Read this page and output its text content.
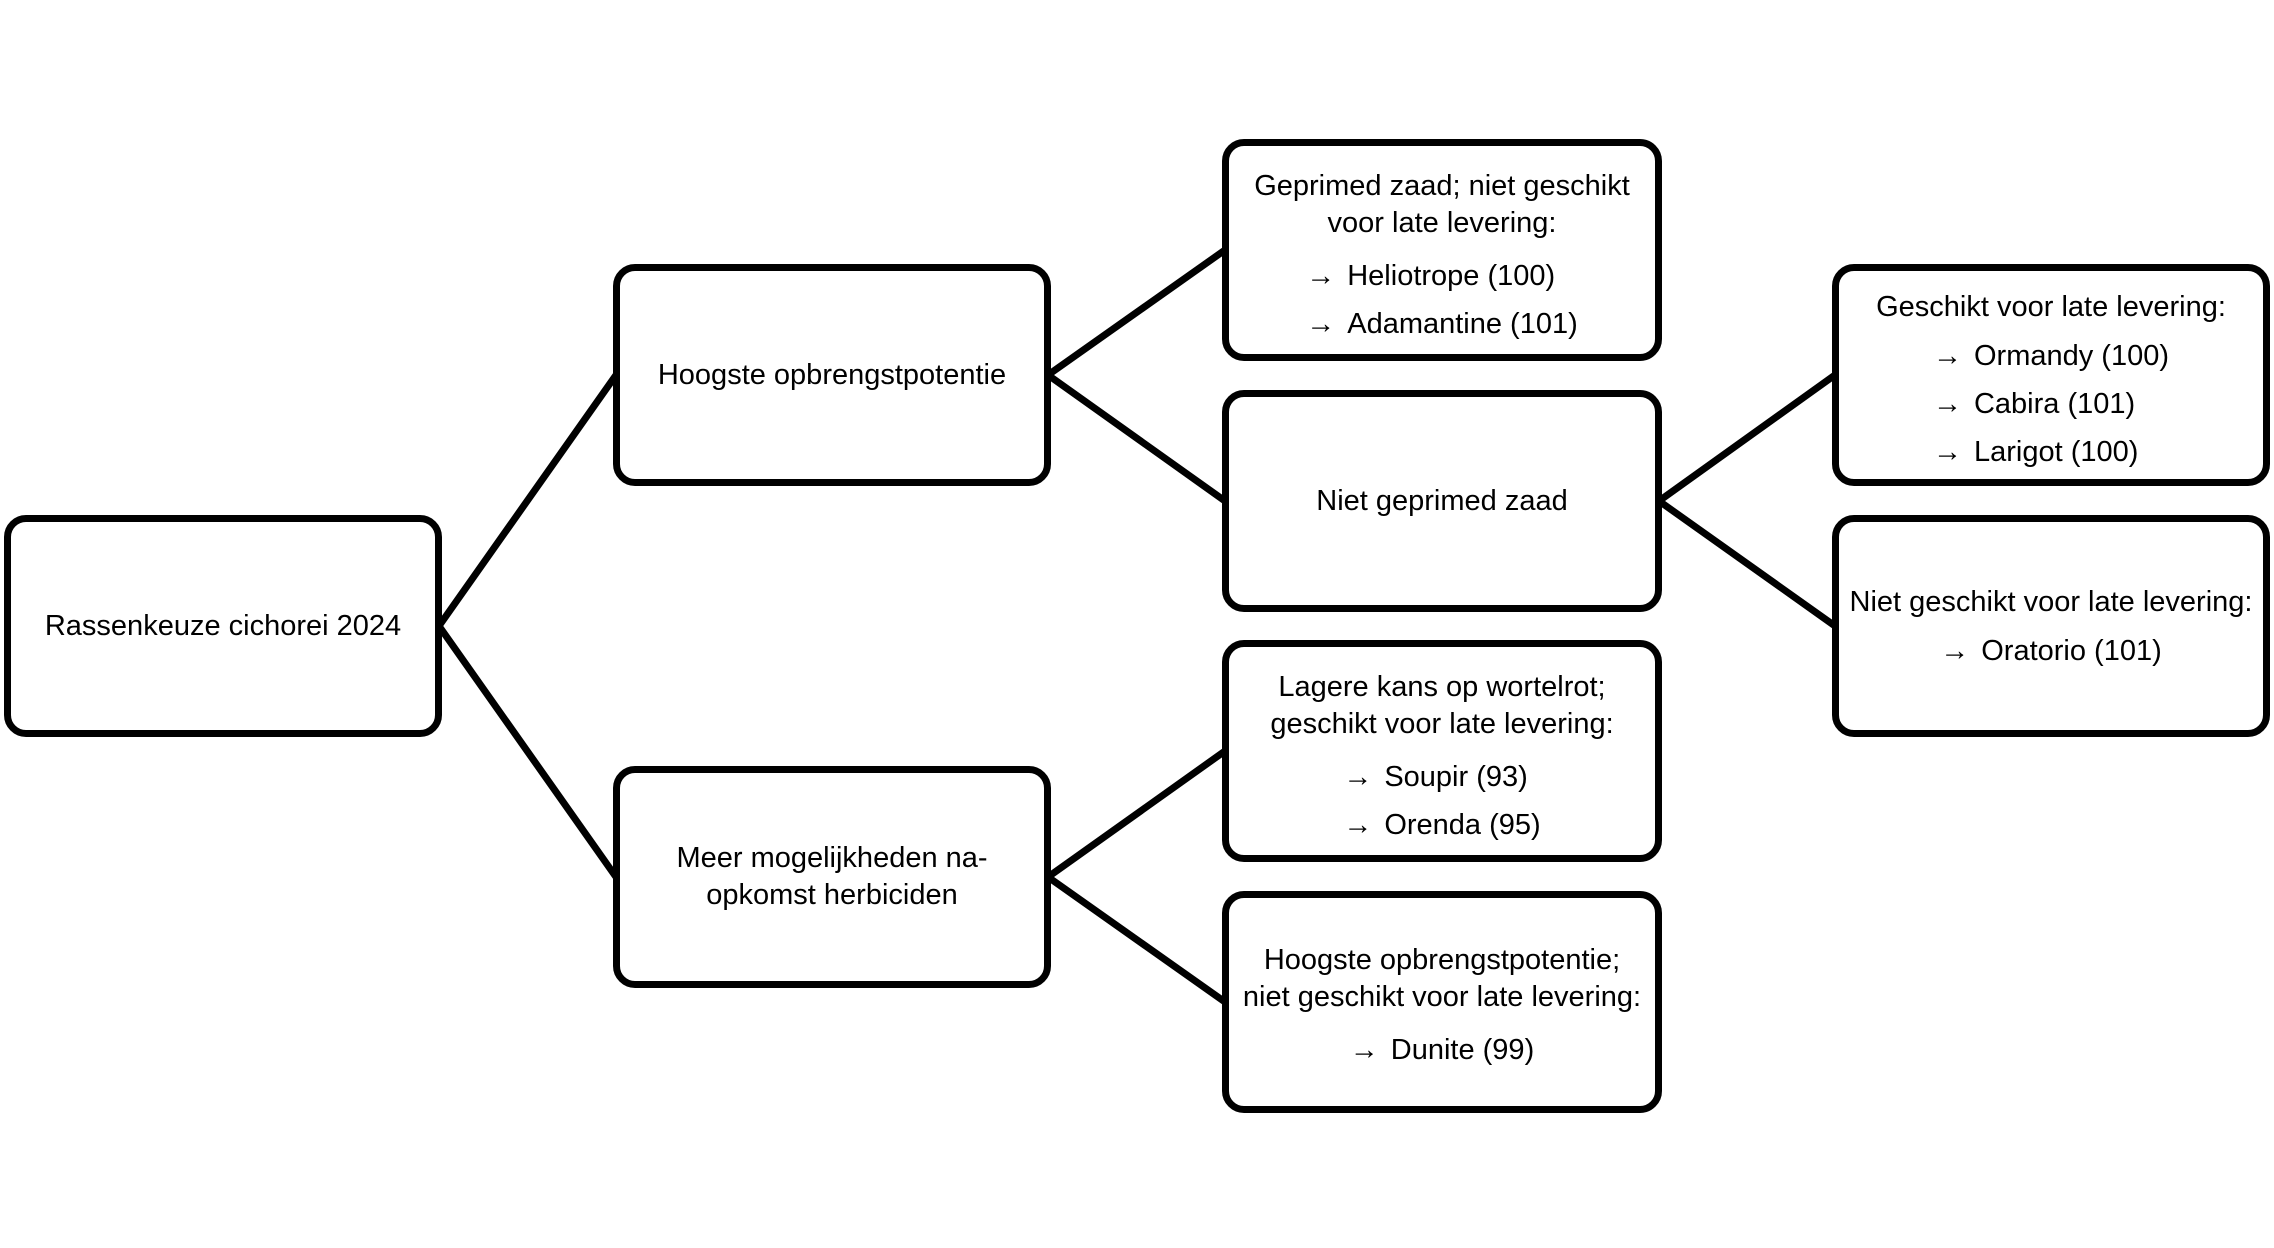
Rassenkeuze cichorei 2024
Hoogste opbrengstpotentie
Meer mogelijkheden na-opkomst herbiciden
Geprimed zaad; niet geschikt voor late levering:
→ Heliotrope (100)
→ Adamantine (101)
Niet geprimed zaad
Lagere kans op wortelrot; geschikt voor late levering:
→ Soupir (93)
→ Orenda (95)
Hoogste opbrengstpotentie; niet geschikt voor late levering:
→ Dunite (99)
Geschikt voor late levering:
→ Ormandy (100)
→ Cabira (101)
→ Larigot (100)
Niet geschikt voor late levering:
→ Oratorio (101)
